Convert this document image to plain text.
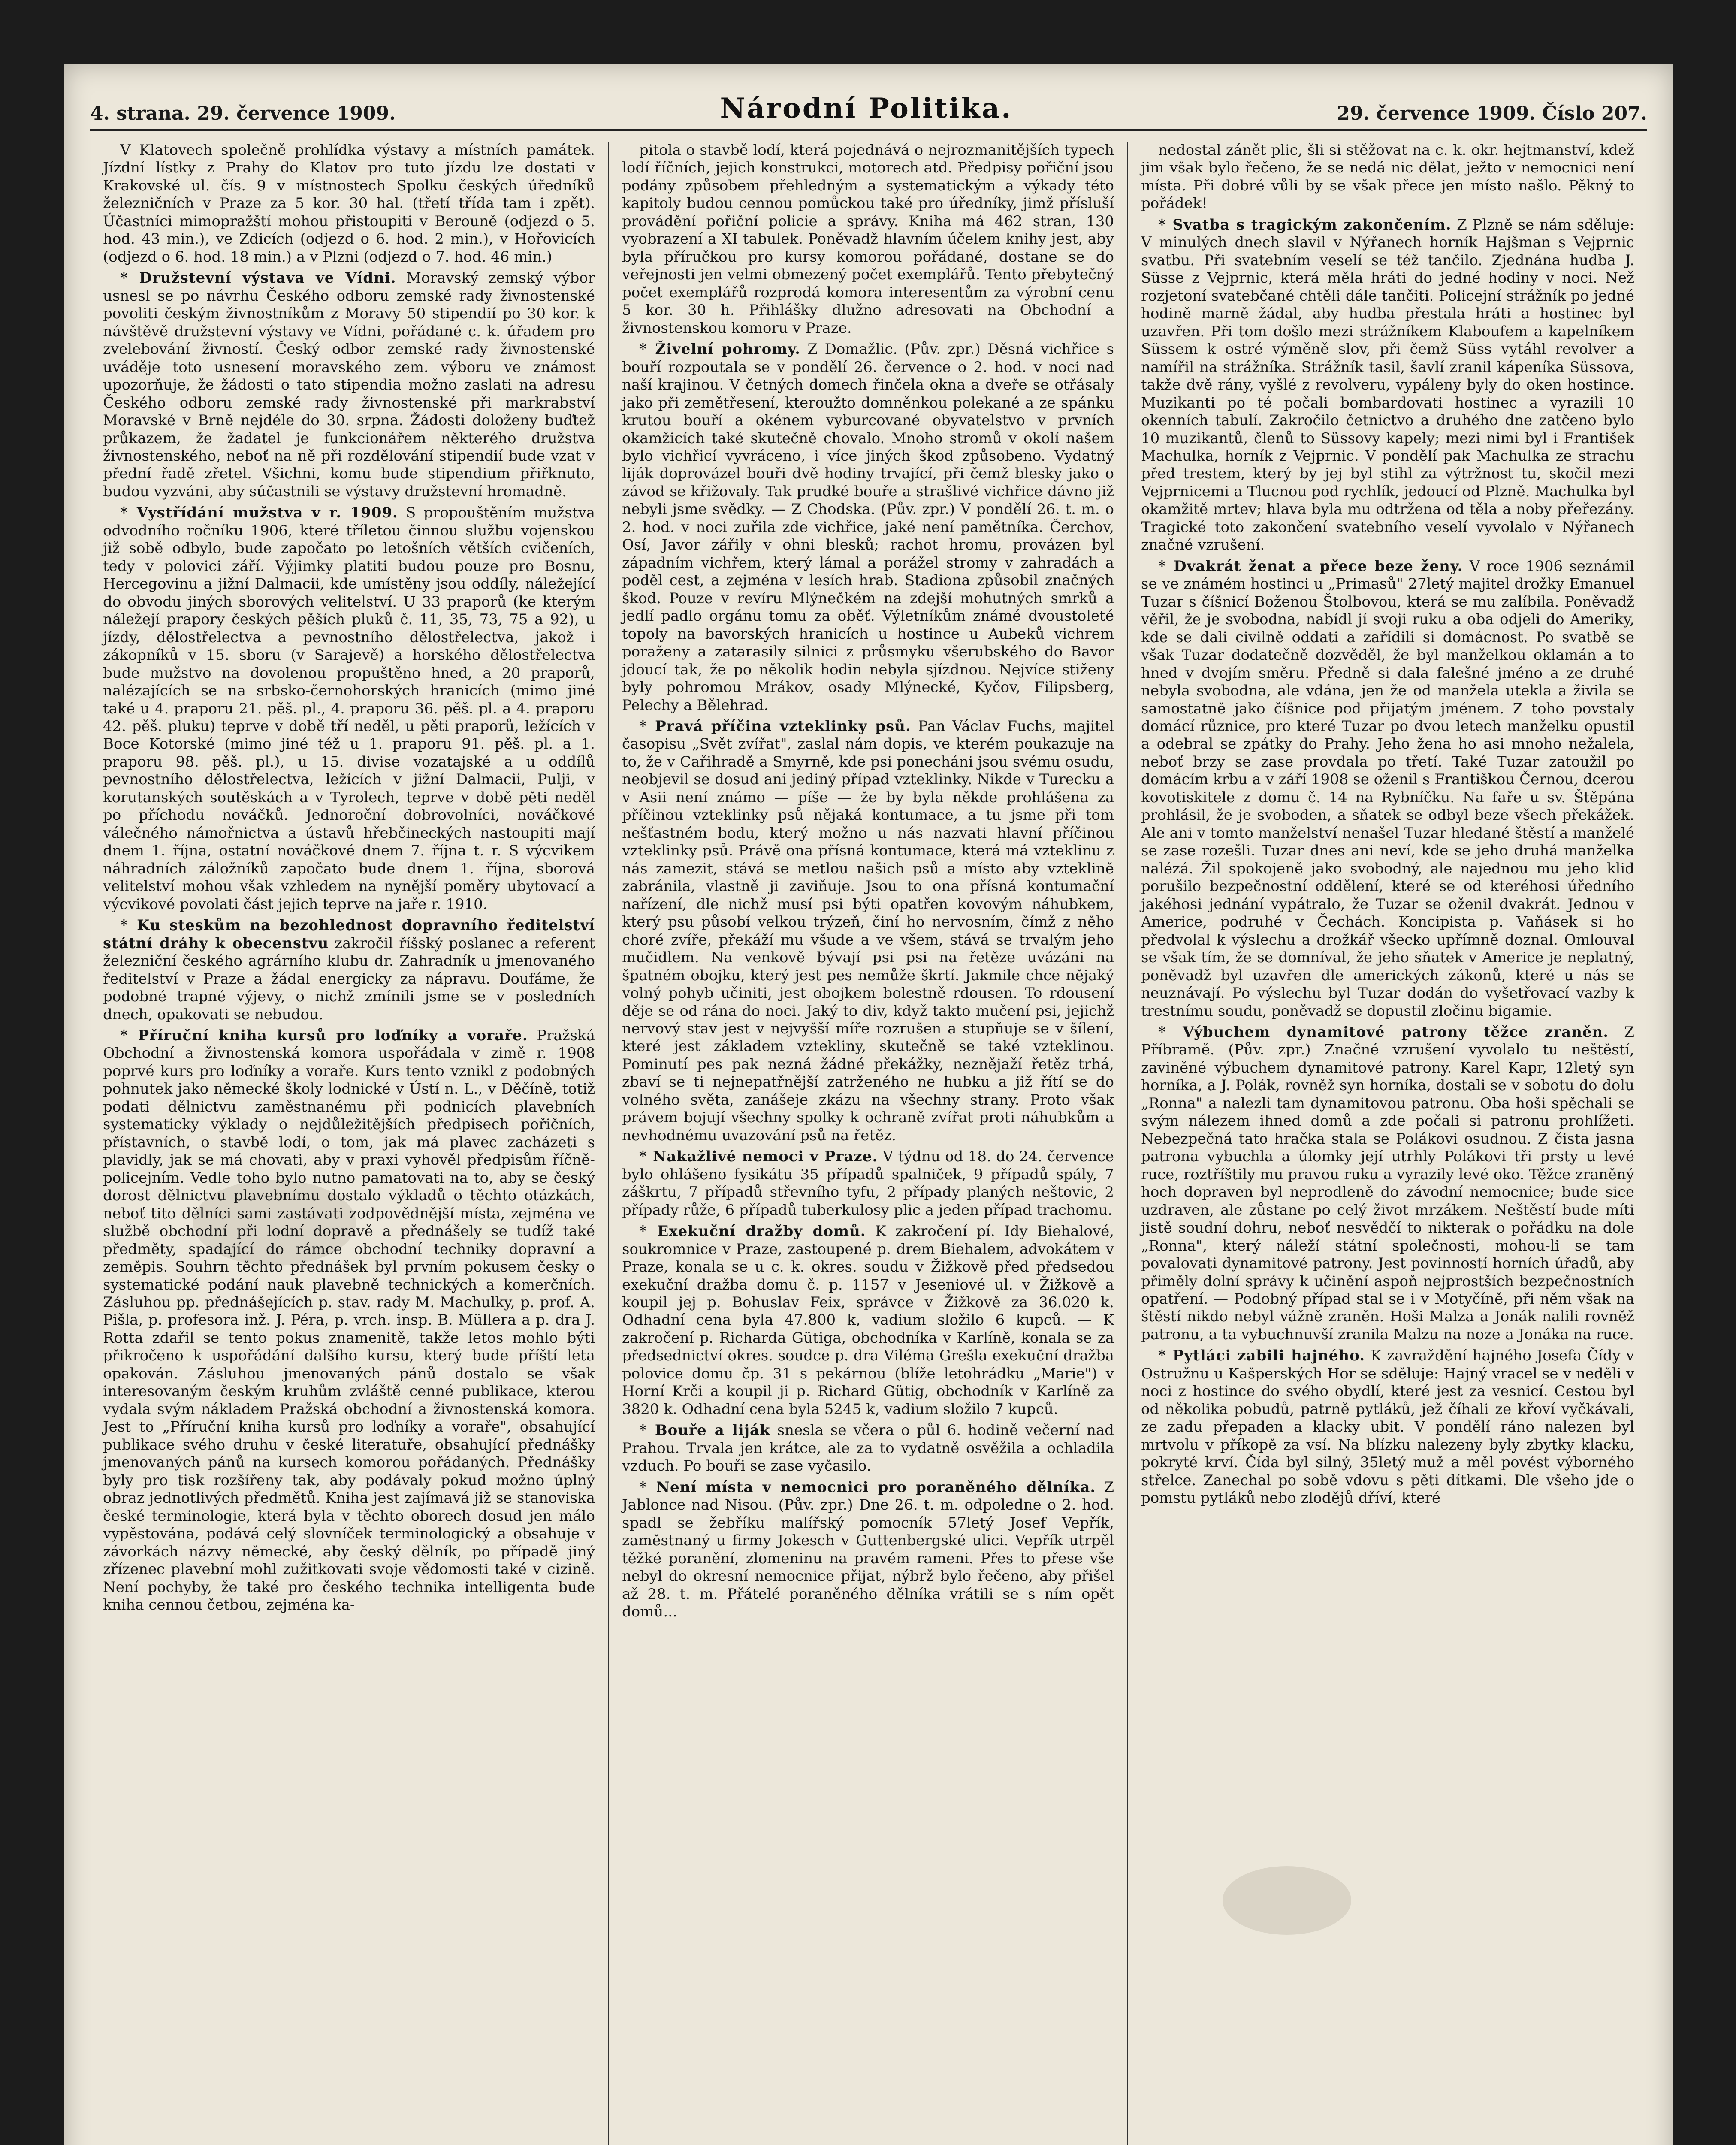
4. strana. 29. července 1909.	Národní Politika.	29. července 1909. Číslo 207.

V Klatovech společně prohlídka výstavy a místních památek. Jízdní lístky z Prahy do Klatov pro tuto jízdu lze dostati v Krakovské ul. čís. 9 v místnostech Spolku českých úředníků železničních v Praze za 5 kor. 30 hal. (třetí třída tam i zpět). Účastníci mimopražští mohou přistoupiti v Berouně (odjezd o 5. hod. 43 min.), ve Zdicích (odjezd o 6. hod. 2 min.), v Hořovicích (odjezd o 6. hod. 18 min.) a v Plzni (odjezd o 7. hod. 46 min.)

* Družstevní výstava ve Vídni. Moravský zemský výbor usnesl se po návrhu Českého odboru zemské rady živnostenské povoliti českým živnostníkům z Moravy 50 stipendií po 30 kor. k návštěvě družstevní výstavy ve Vídni, pořádané c. k. úřadem pro zvelebování živností. Český odbor zemské rady živnostenské uváděje toto usnesení moravského zem. výboru ve známost upozorňuje, že žádosti o tato stipendia možno zaslati na adresu Českého odboru zemské rady živnostenské při markrabství Moravské v Brně nejdéle do 30. srpna. Žádosti doloženy buďtež průkazem, že žadatel je funkcionářem některého družstva živnostenského, neboť na ně při rozdělování stipendií bude vzat v přední řadě zřetel. Všichni, komu bude stipendium přiřknuto, budou vyzváni, aby súčastnili se výstavy družstevní hromadně.

* Vystřídání mužstva v r. 1909. S propouštěním mužstva odvodního ročníku 1906, které tříletou činnou službu vojenskou již sobě odbylo, bude započato po letošních větších cvičeních, tedy v polovici září. Výjimky platiti budou pouze pro Bosnu, Hercegovinu a jižní Dalmacii, kde umístěny jsou oddíly, náležející do obvodu jiných sborových velitelství. U 33 praporů (ke kterým náležejí prapory českých pěších pluků č. 11, 35, 73, 75 a 92), u jízdy, dělostřelectva a pevnostního dělostřelectva, jakož i zákopníků v 15. sboru (v Sarajevě) a horského dělostřelectva bude mužstvo na dovolenou propuštěno hned, a 20 praporů, nalézajících se na srbsko-černohorských hranicích (mimo jiné také u 4. praporu 21. pěš. pl., 4. praporu 36. pěš. pl. a 4. praporu 42. pěš. pluku) teprve v době tří neděl, u pěti praporů, ležících v Boce Kotorské (mimo jiné též u 1. praporu 91. pěš. pl. a 1. praporu 98. pěš. pl.), u 15. divise vozatajské a u oddílů pevnostního dělostřelectva, ležících v jižní Dalmacii, Pulji, v korutanských soutěskách a v Tyrolech, teprve v době pěti neděl po příchodu nováčků. Jednoroční dobrovolníci, nováčkové válečného námořnictva a ústavů hřebčineckých nastoupiti mají dnem 1. října, ostatní nováčkové dnem 7. října t. r. S výcvikem náhradních záložníků započato bude dnem 1. října, sborová velitelství mohou však vzhledem na nynější poměry ubytovací a výcvikové povolati část jejich teprve na jaře r. 1910.

* Ku steskům na bezohlednost dopravního ředitelství státní dráhy k obecenstvu zakročil říšský poslanec a referent železniční českého agrárního klubu dr. Zahradník u jmenovaného ředitelství v Praze a žádal energicky za nápravu. Doufáme, že podobné trapné výjevy, o nichž zmínili jsme se v posledních dnech, opakovati se nebudou.

* Příruční kniha kursů pro loďníky a voraře. Pražská Obchodní a živnostenská komora uspořádala v zimě r. 1908 poprvé kurs pro loďníky a voraře. Kurs tento vznikl z podobných pohnutek jako německé školy lodnické v Ústí n. L., v Děčíně, totiž podati dělnictvu zaměstnanému při podnicích plavebních systematicky výklady o nejdůležitějších předpisech pořičních, přístavních, o stavbě lodí, o tom, jak má plavec zacházeti s plavidly, jak se má chovati, aby v praxi vyhověl předpisům říčně-policejním. Vedle toho bylo nutno pamatovati na to, aby se český dorost dělnictvu plavebnímu dostalo výkladů o těchto otázkách, neboť tito dělníci sami zastávati zodpovědnější místa, zejména ve službě obchodní při lodní dopravě a přednášely se tudíž také předměty, spadající do rámce obchodní techniky dopravní a zeměpis. Souhrn těchto přednášek byl prvním pokusem česky o systematické podání nauk plavebně technických a komerčních. Zásluhou pp. přednášejících p. stav. rady M. Machulky, p. prof. A. Pišla, p. profesora inž. J. Péra, p. vrch. insp. B. Müllera a p. dra J. Rotta zdařil se tento pokus znamenitě, takže letos mohlo býti přikročeno k uspořádání dalšího kursu, který bude příští leta opakován. Zásluhou jmenovaných pánů dostalo se však interesovaným českým kruhům zvláště cenné publikace, kterou vydala svým nákladem Pražská obchodní a živnostenská komora. Jest to „Příruční kniha kursů pro loďníky a voraře", obsahující publikace svého druhu v české literatuře, obsahující přednášky jmenovaných pánů na kursech komorou pořádaných. Přednášky byly pro tisk rozšířeny tak, aby podávaly pokud možno úplný obraz jednotlivých předmětů. Kniha jest zajímavá již se stanoviska české terminologie, která byla v těchto oborech dosud jen málo vypěstována, podává celý slovníček terminologický a obsahuje v závorkách názvy německé, aby český dělník, po případě jiný zřízenec plavební mohl zužitkovati svoje vědomosti také v cizině. Není pochyby, že také pro českého technika intelligenta bude kniha cennou četbou, zejména ka-

pitola o stavbě lodí, která pojednává o nejrozmanitějších typech lodí říčních, jejich konstrukci, motorech atd. Předpisy pořiční jsou podány způsobem přehledným a systematickým a výkady této kapitoly budou cennou pomůckou také pro úředníky, jimž přísluší provádění pořiční policie a správy. Kniha má 462 stran, 130 vyobrazení a XI tabulek. Poněvadž hlavním účelem knihy jest, aby byla příručkou pro kursy komorou pořádané, dostane se do veřejnosti jen velmi obmezený počet exemplářů. Tento přebytečný počet exemplářů rozprodá komora interesentům za výrobní cenu 5 kor. 30 h. Přihlášky dlužno adresovati na Obchodní a živnostenskou komoru v Praze.

* Živelní pohromy. Z Domažlic. (Pův. zpr.) Děsná vichřice s bouří rozpoutala se v pondělí 26. července o 2. hod. v noci nad naší krajinou. V četných domech řinčela okna a dveře se otřásaly jako při zemětřesení, kteroužto domněnkou polekané a ze spánku krutou bouří a okénem vyburcované obyvatelstvo v prvních okamžicích také skutečně chovalo. Mnoho stromů v okolí našem bylo vichřicí vyvráceno, i více jiných škod způsobeno. Vydatný liják doprovázel bouři dvě hodiny trvající, při čemž blesky jako o závod se křižovaly. Tak prudké bouře a strašlivé vichřice dávno již nebyli jsme svědky. — Z Chodska. (Pův. zpr.) V pondělí 26. t. m. o 2. hod. v noci zuřila zde vichřice, jaké není pamětníka. Čerchov, Osí, Javor zářily v ohni blesků; rachot hromu, provázen byl západním vichřem, který lámal a porážel stromy v zahradách a poděl cest, a zejména v lesích hrab. Stadiona způsobil značných škod. Pouze v revíru Mlýnečkém na zdejší mohutných smrků a jedlí padlo orgánu tomu za oběť. Výletníkům známé dvoustoleté topoly na bavorských hranicích u hostince u Aubeků vichrem poraženy a zatarasily silnici z průsmyku všerubského do Bavor jdoucí tak, že po několik hodin nebyla sjízdnou. Nejvíce stiženy byly pohromou Mrákov, osady Mlýnecké, Kyčov, Filipsberg, Pelechy a Bělehrad.

* Pravá příčina vzteklinky psů. Pan Václav Fuchs, majitel časopisu „Svět zvířat", zaslal nám dopis, ve kterém poukazuje na to, že v Cařihradě a Smyrně, kde psi ponecháni jsou svému osudu, neobjevil se dosud ani jediný případ vzteklinky. Nikde v Turecku a v Asii není známo — píše — že by byla někde prohlášena za příčinou vzteklinky psů nějaká kontumace, a tu jsme při tom nešťastném bodu, který možno u nás nazvati hlavní příčinou vzteklinky psů. Právě ona přísná kontumace, která má vzteklinu z nás zamezit, stává se metlou našich psů a místo aby vzteklině zabránila, vlastně ji zaviňuje. Jsou to ona přísná kontumační nařízení, dle nichž musí psi býti opatřen kovovým náhubkem, který psu působí velkou trýzeň, činí ho nervosním, čímž z něho choré zvíře, překáží mu všude a ve všem, stává se trvalým jeho mučidlem. Na venkově bývají psi psi na řetěze uvázáni na špatném obojku, který jest pes nemůže škrtí. Jakmile chce nějaký volný pohyb učiniti, jest obojkem bolestně rdousen. To rdousení děje se od rána do noci. Jaký to div, když takto mučení psi, jejichž nervový stav jest v nejvyšší míře rozrušen a stupňuje se v šílení, které jest základem vztekliny, skutečně se také vzteklinou. Pominutí pes pak nezná žádné překážky, neznějaží řetěz trhá, zbaví se ti nejnepatřnější zatrženého ne hubku a již řítí se do volného světa, zanášeje zkázu na všechny strany. Proto však právem bojují všechny spolky k ochraně zvířat proti náhubkům a nevhodnému uvazování psů na řetěz.

* Nakažlivé nemoci v Praze. V týdnu od 18. do 24. července bylo ohlášeno fysikátu 35 případů spalniček, 9 případů spály, 7 záškrtu, 7 případů střevního tyfu, 2 případy planých neštovic, 2 případy růže, 6 případů tuberkulosy plic a jeden případ trachomu.

* Exekuční dražby domů. K zakročení pí. Idy Biehalové, soukromnice v Praze, zastoupené p. drem Biehalem, advokátem v Praze, konala se u c. k. okres. soudu v Žižkově před předsedou exekuční dražba domu č. p. 1157 v Jeseniové ul. v Žižkově a koupil jej p. Bohuslav Feix, správce v Žižkově za 36.020 k. Odhadní cena byla 47.800 k, vadium složilo 6 kupců. — K zakročení p. Richarda Gütiga, obchodníka v Karlíně, konala se za předsednictví okres. soudce p. dra Viléma Grešla exekuční dražba polovice domu čp. 31 s pekárnou (blíže letohrádku „Marie") v Horní Krči a koupil ji p. Richard Gütig, obchodník v Karlíně za 3820 k. Odhadní cena byla 5245 k, vadium složilo 7 kupců.

* Bouře a liják snesla se včera o půl 6. hodině večerní nad Prahou. Trvala jen krátce, ale za to vydatně osvěžila a ochladila vzduch. Po bouři se zase vyčasilo.

* Není místa v nemocnici pro poraněného dělníka. Z Jablonce nad Nisou. (Pův. zpr.) Dne 26. t. m. odpoledne o 2. hod. spadl se žebříku malířský pomocník 57letý Josef Vepřík, zaměstnaný u firmy Jokesch v Guttenbergské ulici. Vepřík utrpěl těžké poranění, zlomeninu na pravém rameni. Přes to přese vše nebyl do okresní nemocnice přijat, nýbrž bylo řečeno, aby přišel až 28. t. m. Přátelé poraněného dělníka vrátili se s ním opět domů...

nedostal zánět plic, šli si stěžovat na c. k. okr. hejtmanství, kdež jim však bylo řečeno, že se nedá nic dělat, ježto v nemocnici není místa. Při dobré vůli by se však přece jen místo našlo. Pěkný to pořádek!

* Svatba s tragickým zakončením. Z Plzně se nám sděluje: V minulých dnech slavil v Nýřanech horník Hajšman s Vejprnic svatbu. Při svatebním veselí se též tančilo. Zjednána hudba J. Süsse z Vejprnic, která měla hráti do jedné hodiny v noci. Než rozjetoní svatebčané chtěli dále tančiti. Policejní strážník po jedné hodině marně žádal, aby hudba přestala hráti a hostinec byl uzavřen. Při tom došlo mezi strážníkem Klaboufem a kapelníkem Süssem k ostré výměně slov, při čemž Süss vytáhl revolver a namířil na strážníka. Strážník tasil, šavlí zranil kápeníka Süssova, takže dvě rány, vyšlé z revolveru, vypáleny byly do oken hostince. Muzikanti po té počali bombardovati hostinec a vyrazili 10 okenních tabulí. Zakročilo četnictvo a druhého dne zatčeno bylo 10 muzikantů, členů to Süssovy kapely; mezi nimi byl i František Machulka, horník z Vejprnic. V pondělí pak Machulka ze strachu před trestem, který by jej byl stihl za výtržnost tu, skočil mezi Vejprnicemi a Tlucnou pod rychlík, jedoucí od Plzně. Machulka byl okamžitě mrtev; hlava byla mu odtržena od těla a noby přeřezány. Tragické toto zakončení svatebního veselí vyvolalo v Nýřanech značné vzrušení.

* Dvakrát ženat a přece beze ženy. V roce 1906 seznámil se ve známém hostinci u „Primasů" 27letý majitel drožky Emanuel Tuzar s číšnicí Boženou Štolbovou, která se mu zalíbila. Poněvadž věřil, že je svobodna, nabídl jí svoji ruku a oba odjeli do Ameriky, kde se dali civilně oddati a zařídili si domácnost. Po svatbě se však Tuzar dodatečně dozvěděl, že byl manželkou oklamán a to hned v dvojím směru. Předně si dala falešné jméno a ze druhé nebyla svobodna, ale vdána, jen že od manžela utekla a živila se samostatně jako číšnice pod přijatým jménem. Z toho povstaly domácí různice, pro které Tuzar po dvou letech manželku opustil a odebral se zpátky do Prahy. Jeho žena ho asi mnoho nežalela, neboť brzy se zase provdala po třetí. Také Tuzar zatoužil po domácím krbu a v září 1908 se oženil s Františkou Černou, dcerou kovotiskitele z domu č. 14 na Rybníčku. Na faře u sv. Štěpána prohlásil, že je svoboden, a sňatek se odbyl beze všech překážek. Ale ani v tomto manželství nenašel Tuzar hledané štěstí a manželé se zase rozešli. Tuzar dnes ani neví, kde se jeho druhá manželka nalézá. Žil spokojeně jako svobodný, ale najednou mu jeho klid porušilo bezpečnostní oddělení, které se od kteréhosi úředního jakéhosi jednání vypátralo, že Tuzar se oženil dvakrát. Jednou v Americe, podruhé v Čechách. Koncipista p. Vaňásek si ho předvolal k výslechu a drožkář všecko upřímně doznal. Omlouval se však tím, že se domníval, že jeho sňatek v Americe je neplatný, poněvadž byl uzavřen dle amerických zákonů, které u nás se neuznávají. Po výslechu byl Tuzar dodán do vyšetřovací vazby k trestnímu soudu, poněvadž se dopustil zločinu bigamie.

* Výbuchem dynamitové patrony těžce zraněn. Z Příbramě. (Pův. zpr.) Značné vzrušení vyvolalo tu neštěstí, zaviněné výbuchem dynamitové patrony. Karel Kapr, 12letý syn horníka, a J. Polák, rovněž syn horníka, dostali se v sobotu do dolu „Ronna" a nalezli tam dynamitovou patronu. Oba hoši spěchali se svým nálezem ihned domů a zde počali si patronu prohlížeti. Nebezpečná tato hračka stala se Polákovi osudnou. Z čista jasna patrona vybuchla a úlomky její utrhly Polákovi tři prsty u levé ruce, roztříštily mu pravou ruku a vyrazily levé oko. Těžce zraněný hoch dopraven byl neprodleně do závodní nemocnice; bude sice uzdraven, ale zůstane po celý život mrzákem. Neštěstí bude míti jistě soudní dohru, neboť nesvědčí to nikterak o pořádku na dole „Ronna", který náleží státní společnosti, mohou-li se tam povalovati dynamitové patrony. Jest povinností horních úřadů, aby přiměly dolní správy k učinění aspoň nejprostších bezpečnostních opatření. — Podobný případ stal se i v Motyčíně, při něm však na štěstí nikdo nebyl vážně zraněn. Hoši Malza a Jonák nalili rovněž patronu, a ta vybuchnuvší zranila Malzu na noze a Jonáka na ruce.

* Pytláci zabili hajného. K zavraždění hajného Josefa Čídy v Ostružnu u Kašperských Hor se sděluje: Hajný vracel se v neděli v noci z hostince do svého obydlí, které jest za vesnicí. Cestou byl od několika pobudů, patrně pytláků, jež číhali ze křoví vyčkávali, ze zadu přepaden a klacky ubit. V pondělí ráno nalezen byl mrtvolu v příkopě za vsí. Na blízku nalezeny byly zbytky klacku, pokryté krví. Čída byl silný, 35letý muž a měl povést výborného střelce. Zanechal po sobě vdovu s pěti dítkami. Dle všeho jde o pomstu pytláků nebo zlodějů dříví, které
